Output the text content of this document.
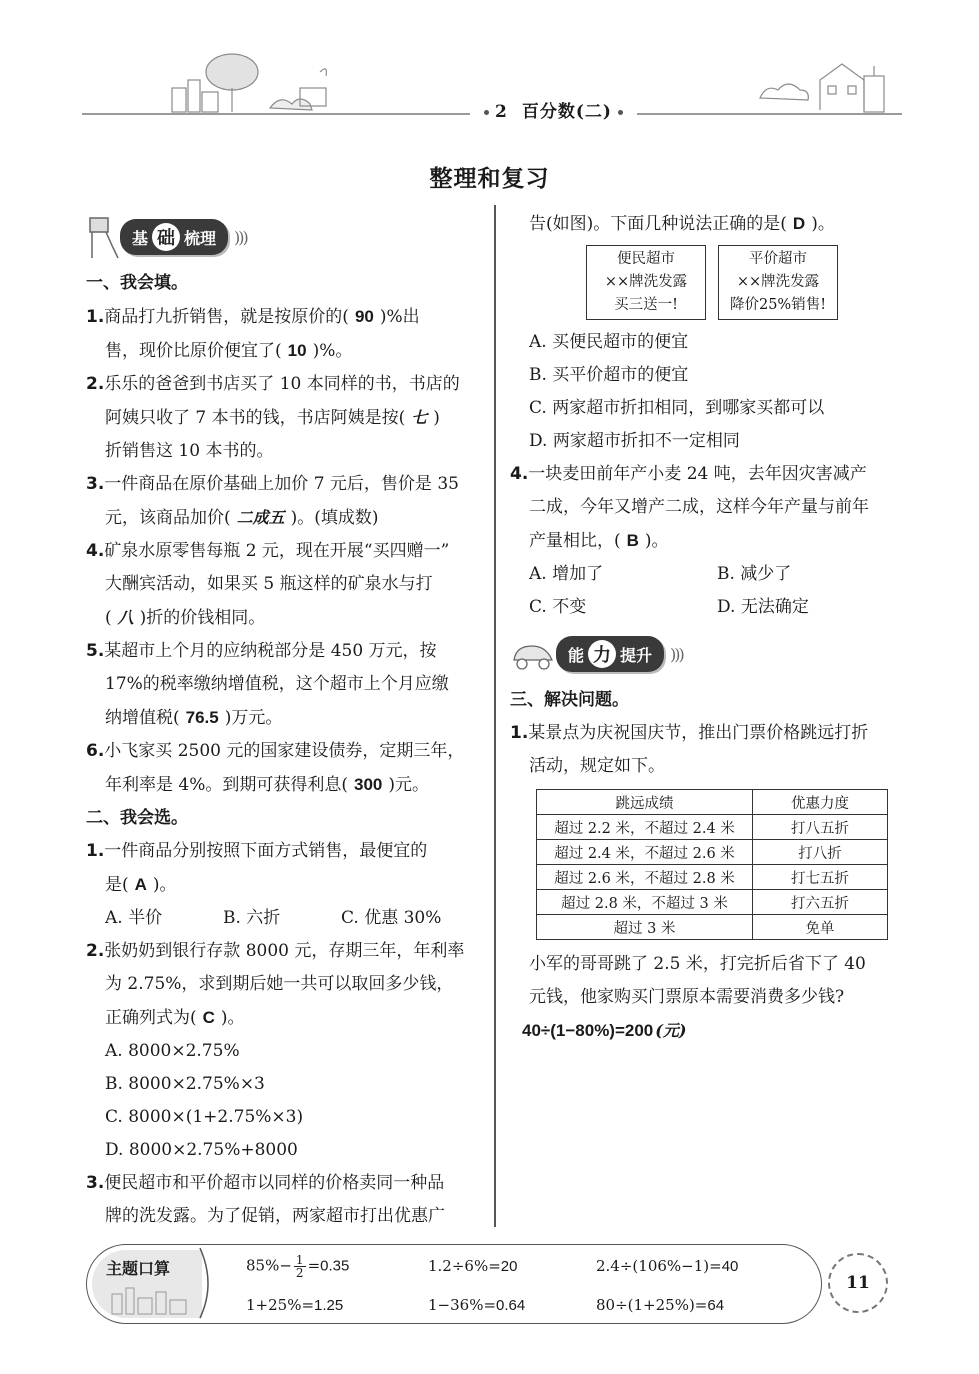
2 百分数(二)
整理和复习
基 础 梳理 )))
一、我会填。
1.商品打九折销售，就是按原价的( 90 )%出
售，现价比原价便宜了( 10 )%。
2.乐乐的爸爸到书店买了 10 本同样的书，书店的
阿姨只收了 7 本书的钱，书店阿姨是按( 七 )
折销售这 10 本书的。
3.一件商品在原价基础上加价 7 元后，售价是 35
元，该商品加价( 二成五 )。(填成数)
4.矿泉水原零售每瓶 2 元，现在开展“买四赠一”
大酬宾活动，如果买 5 瓶这样的矿泉水与打
( 八 )折的价钱相同。
5.某超市上个月的应纳税部分是 450 万元，按
17%的税率缴纳增值税，这个超市上个月应缴
纳增值税( 76.5 )万元。
6.小飞家买 2500 元的国家建设债券，定期三年，
年利率是 4%。到期可获得利息( 300 )元。
二、我会选。
1.一件商品分别按照下面方式销售，最便宜的
是( A )。
A. 半价	B. 六折	C. 优惠 30%
2.张奶奶到银行存款 8000 元，存期三年，年利率
为 2.75%，求到期后她一共可以取回多少钱，
正确列式为( C )。
A. 8000×2.75%
B. 8000×2.75%×3
C. 8000×(1+2.75%×3)
D. 8000×2.75%+8000
3.便民超市和平价超市以同样的价格卖同一种品
牌的洗发露。为了促销，两家超市打出优惠广
告(如图)。下面几种说法正确的是( D )。
便民超市
××牌洗发露
买三送一!
平价超市
××牌洗发露
降价25%销售!
A. 买便民超市的便宜
B. 买平价超市的便宜
C. 两家超市折扣相同，到哪家买都可以
D. 两家超市折扣不一定相同
4.一块麦田前年产小麦 24 吨，去年因灾害减产
二成，今年又增产二成，这样今年产量与前年
产量相比，( B )。
A. 增加了	B. 减少了
C. 不变	D. 无法确定
能 力 提升 )))
三、解决问题。
1.某景点为庆祝国庆节，推出门票价格跳远打折
活动，规定如下。
跳远成绩	优惠力度
超过 2.2 米，不超过 2.4 米	打八五折
超过 2.4 米，不超过 2.6 米	打八折
超过 2.6 米，不超过 2.8 米	打七五折
超过 2.8 米，不超过 3 米	打六五折
超过 3 米	免单
小军的哥哥跳了 2.5 米，打完折后省下了 40
元钱，他家购买门票原本需要消费多少钱?
40÷(1−80%)=200 (元)
主题口算	$85\%- \frac{1}{2} =0.35$	1.2÷6%=20	2.4÷(106%−1)=40
1+25%=1.25	1−36%=0.64	80÷(1+25%)=64
11
